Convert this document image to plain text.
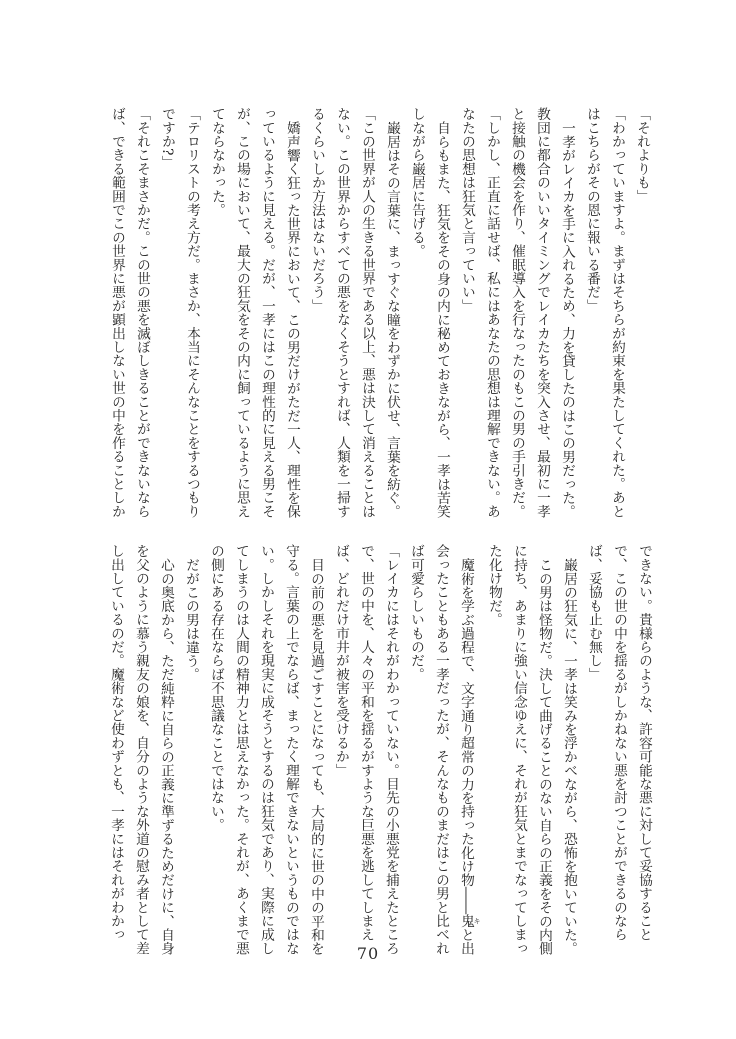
「それよりも」
「わかっていますよ。まずはそちらが約束を果たしてくれた。あと
はこちらがその恩に報いる番だ」
一孝がレイカを手に入れるため、力を貸したのはこの男だった。
教団に都合のいいタイミングでレイカたちを突入させ、最初に一孝
と接触の機会を作り、催眠導入を行なったのもこの男の手引きだ。
「しかし、正直に話せば、私にはあなたの思想は理解できない。あ
なたの思想は狂気と言っていい」
自らもまた、狂気をその身の内に秘めておきながら、一孝は苦笑
しながら巌居に告げる。
巌居はその言葉に、まっすぐな瞳をわずかに伏せ、言葉を紡ぐ。
「この世界が人の生きる世界である以上、悪は決して消えることは
ない。この世界からすべての悪をなくそうとすれば、人類を一掃す
るくらいしか方法はないだろう」
嬌声響く狂った世界において、この男だけがただ一人、理性を保
っているように見える。だが、一孝にはこの理性的に見える男こそ
が、この場において、最大の狂気をその内に飼っているように思え
てならなかった。
「テロリストの考え方だ。まさか、本当にそんなことをするつもり
ですか?」
「それこそまさかだ。この世の悪を滅ぼしきることができないなら
ば、できる範囲でこの世界に悪が顕出しない世の中を作ることしか
できない。貴様らのような、許容可能な悪に対して妥協すること
で、この世の中を揺るがしかねない悪を討つことができるのなら
ば、妥協も止む無し」
巌居の狂気に、一孝は笑みを浮かべながら、恐怖を抱いていた。
この男は怪物だ。決して曲げることのない自らの正義をその内側
に持ち、あまりに強い信念ゆえに、それが狂気とまでなってしまっ
た化け物だ。
魔術を学ぶ過程で、文字通り超常の力を持った化け物――鬼 キと出
会ったこともある一孝だったが、そんなものまだはこの男と比べれ
ば可愛らしいものだ。
「レイカにはそれがわかっていない。目先の小悪党を捕えたところ
で、世の中を、人々の平和を揺るがすような巨悪を逃してしまえ
ば、どれだけ市井が被害を受けるか」
目の前の悪を見過ごすことになっても、大局的に世の中の平和を
守る。言葉の上でならば、まったく理解できないというものではな
い。しかしそれを現実に成そうとするのは狂気であり、実際に成し
てしまうのは人間の精神力とは思えなかった。それが、あくまで悪
の側にある存在ならば不思議なことではない。
だがこの男は違う。
心の奥底から、ただ純粋に自らの正義に準ずるためだけに、自身
を父のように慕う親友の娘を、自分のような外道の慰み者として差
し出しているのだ。魔術など使わずとも、一孝にはそれがわかっ
70
